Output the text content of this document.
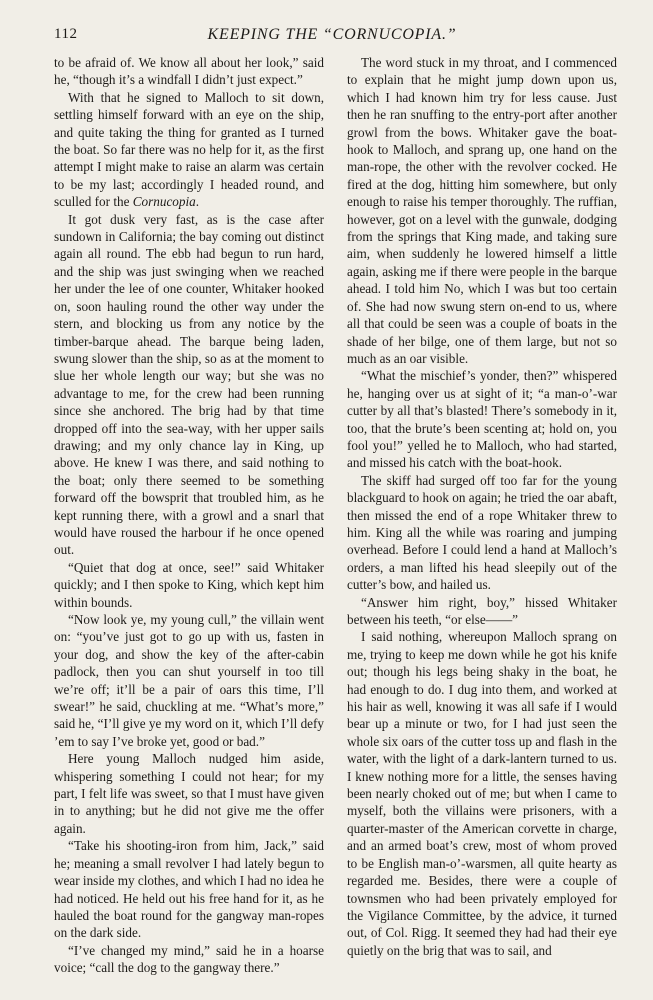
112	KEEPING THE “CORNUCOPIA.”

to be afraid of. We know all about her look,” said he, “though it’s a windfall I didn’t just expect.”

With that he signed to Malloch to sit down, settling himself forward with an eye on the ship, and quite taking the thing for granted as I turned the boat. So far there was no help for it, as the first attempt I might make to raise an alarm was certain to be my last; accordingly I headed round, and sculled for the Cornucopia.

It got dusk very fast, as is the case after sundown in California; the bay coming out distinct again all round. The ebb had begun to run hard, and the ship was just swinging when we reached her under the lee of one counter, Whitaker hooked on, soon hauling round the other way under the stern, and blocking us from any notice by the timber-barque ahead. The barque being laden, swung slower than the ship, so as at the moment to slue her whole length our way; but she was no advantage to me, for the crew had been running since she anchored. The brig had by that time dropped off into the sea-way, with her upper sails drawing; and my only chance lay in King, up above. He knew I was there, and said nothing to the boat; only there seemed to be something forward off the bowsprit that troubled him, as he kept running there, with a growl and a snarl that would have roused the harbour if he once opened out.

“Quiet that dog at once, see!” said Whitaker quickly; and I then spoke to King, which kept him within bounds.

“Now look ye, my young cull,” the villain went on: “you’ve just got to go up with us, fasten in your dog, and show the key of the after-cabin padlock, then you can shut yourself in too till we’re off; it’ll be a pair of oars this time, I’ll swear!” he said, chuckling at me. “What’s more,” said he, “I’ll give ye my word on it, which I’ll defy ’em to say I’ve broke yet, good or bad.”

Here young Malloch nudged him aside, whispering something I could not hear; for my part, I felt life was sweet, so that I must have given in to anything; but he did not give me the offer again.

“Take his shooting-iron from him, Jack,” said he; meaning a small revolver I had lately begun to wear inside my clothes, and which I had no idea he had noticed. He held out his free hand for it, as he hauled the boat round for the gangway man-ropes on the dark side.

“I’ve changed my mind,” said he in a hoarse voice; “call the dog to the gangway there.”

The word stuck in my throat, and I commenced to explain that he might jump down upon us, which I had known him try for less cause. Just then he ran snuffing to the entry-port after another growl from the bows. Whitaker gave the boat-hook to Malloch, and sprang up, one hand on the man-rope, the other with the revolver cocked. He fired at the dog, hitting him somewhere, but only enough to raise his temper thoroughly. The ruffian, however, got on a level with the gunwale, dodging from the springs that King made, and taking sure aim, when suddenly he lowered himself a little again, asking me if there were people in the barque ahead. I told him No, which I was but too certain of. She had now swung stern on-end to us, where all that could be seen was a couple of boats in the shade of her bilge, one of them large, but not so much as an oar visible.

“What the mischief’s yonder, then?” whispered he, hanging over us at sight of it; “a man-o’-war cutter by all that’s blasted! There’s somebody in it, too, that the brute’s been scenting at; hold on, you fool you!” yelled he to Malloch, who had started, and missed his catch with the boat-hook.

The skiff had surged off too far for the young blackguard to hook on again; he tried the oar abaft, then missed the end of a rope Whitaker threw to him. King all the while was roaring and jumping overhead. Before I could lend a hand at Malloch’s orders, a man lifted his head sleepily out of the cutter’s bow, and hailed us.

“Answer him right, boy,” hissed Whitaker between his teeth, “or else——”

I said nothing, whereupon Malloch sprang on me, trying to keep me down while he got his knife out; though his legs being shaky in the boat, he had enough to do. I dug into them, and worked at his hair as well, knowing it was all safe if I would bear up a minute or two, for I had just seen the whole six oars of the cutter toss up and flash in the water, with the light of a dark-lantern turned to us. I knew nothing more for a little, the senses having been nearly choked out of me; but when I came to myself, both the villains were prisoners, with a quarter-master of the American corvette in charge, and an armed boat’s crew, most of whom proved to be English man-o’-warsmen, all quite hearty as regarded me. Besides, there were a couple of townsmen who had been privately employed for the Vigilance Committee, by the advice, it turned out, of Col. Rigg. It seemed they had had their eye quietly on the brig that was to sail, and
